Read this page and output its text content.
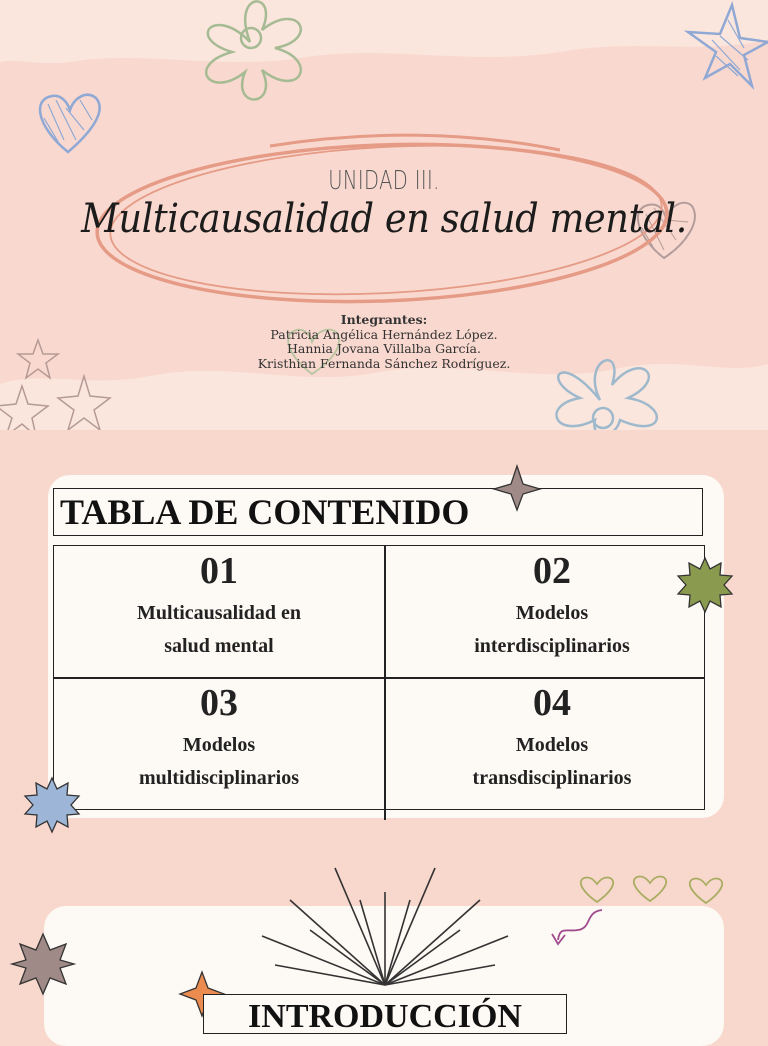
UNIDAD III.
Multicausalidad en salud mental.
Integrantes:
Patricia Angélica Hernández López.
Hannia Jovana Villalba García.
Kristhian Fernanda Sánchez Rodríguez.
TABLA DE CONTENIDO
01
Multicausalidad en
salud mental
02
Modelos
interdisciplinarios
03
Modelos
multidisciplinarios
04
Modelos
transdisciplinarios
INTRODUCCIÓN
